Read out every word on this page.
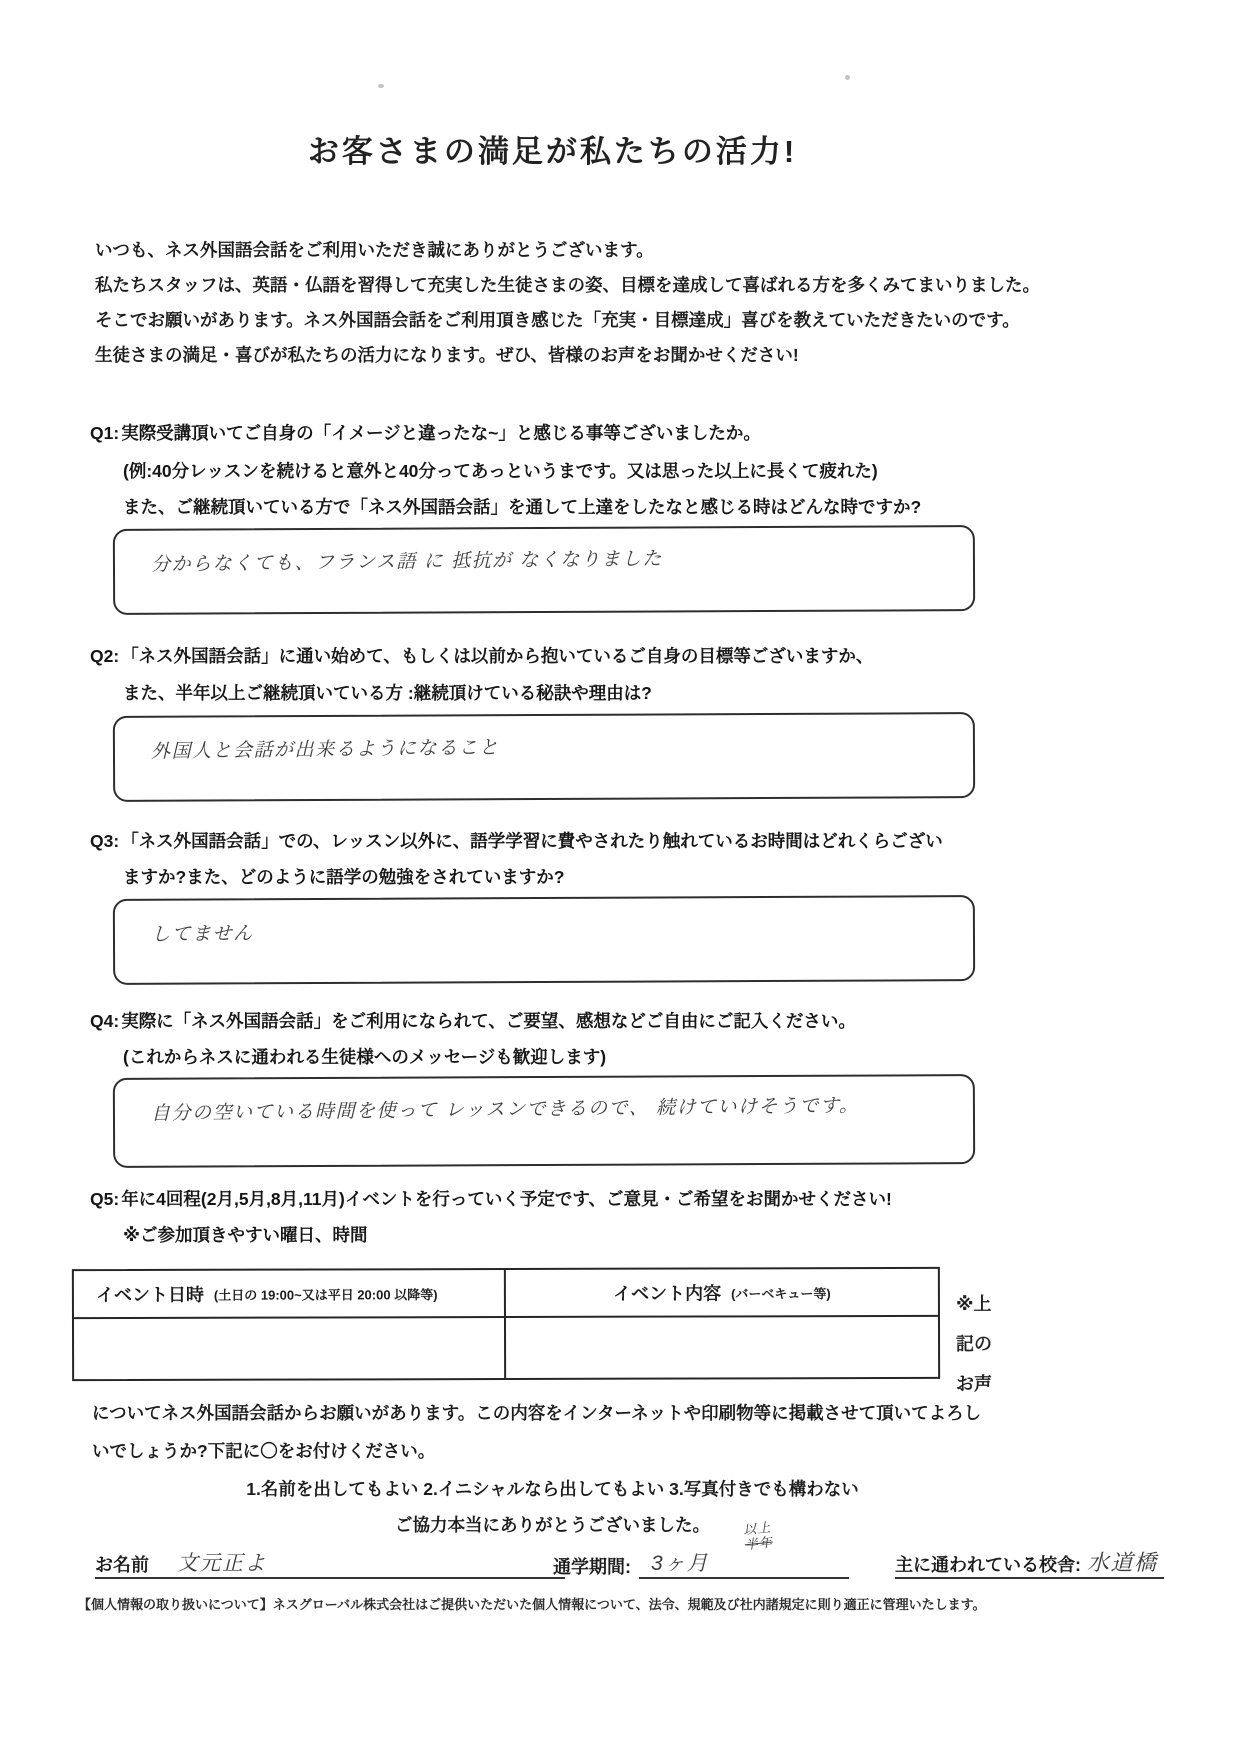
お客さまの満足が私たちの活力!
いつも、ネス外国語会話をご利用いただき誠にありがとうございます。
私たちスタッフは、英語・仏語を習得して充実した生徒さまの姿、目標を達成して喜ばれる方を多くみてまいりました。
そこでお願いがあります。ネス外国語会話をご利用頂き感じた「充実・目標達成」喜びを教えていただきたいのです。
生徒さまの満足・喜びが私たちの活力になります。ぜひ、皆様のお声をお聞かせください!
Q1: 実際受講頂いてご自身の「イメージと違ったな~」と感じる事等ございましたか。
(例:40分レッスンを続けると意外と40分ってあっというまです。又は思った以上に長くて疲れた)
また、ご継続頂いている方で「ネス外国語会話」を通して上達をしたなと感じる時はどんな時ですか?
分からなくても、フランス語 に 抵抗が なくなりました
Q2: 「ネス外国語会話」に通い始めて、もしくは以前から抱いているご自身の目標等ございますか、
また、半年以上ご継続頂いている方 :継続頂けている秘訣や理由は?
外国人と会話が出来るようになること
Q3: 「ネス外国語会話」での、レッスン以外に、語学学習に費やされたり触れているお時間はどれくらござい
ますか?また、どのように語学の勉強をされていますか?
してません
Q4: 実際に「ネス外国語会話」をご利用になられて、ご要望、感想などご自由にご記入ください。
(これからネスに通われる生徒様へのメッセージも歓迎します)
自分の空いている時間を使って レッスンできるので、 続けていけそうです。
Q5: 年に4回程(2月,5月,8月,11月)イベントを行っていく予定です、ご意見・ご希望をお聞かせください!
※ご参加頂きやすい曜日、時間
イベント日時 (土日の 19:00~又は平日 20:00 以降等)	イベント内容 (バーベキュー等)
※上
記の
お声
についてネス外国語会話からお願いがあります。この内容をインターネットや印刷物等に掲載させて頂いてよろし
いでしょうか?下記に〇をお付けください。
1.名前を出してもよい 2.イニシャルなら出してもよい 3.写真付きでも構わない
ご協力本当にありがとうございました。
お名前 文元正よ	通学期間: 3ヶ月
以上
半年
主に通われている校舎: 水道橋
【個人情報の取り扱いについて】ネスグローバル株式会社はご提供いただいた個人情報について、法令、規範及び社内諸規定に則り適正に管理いたします。
